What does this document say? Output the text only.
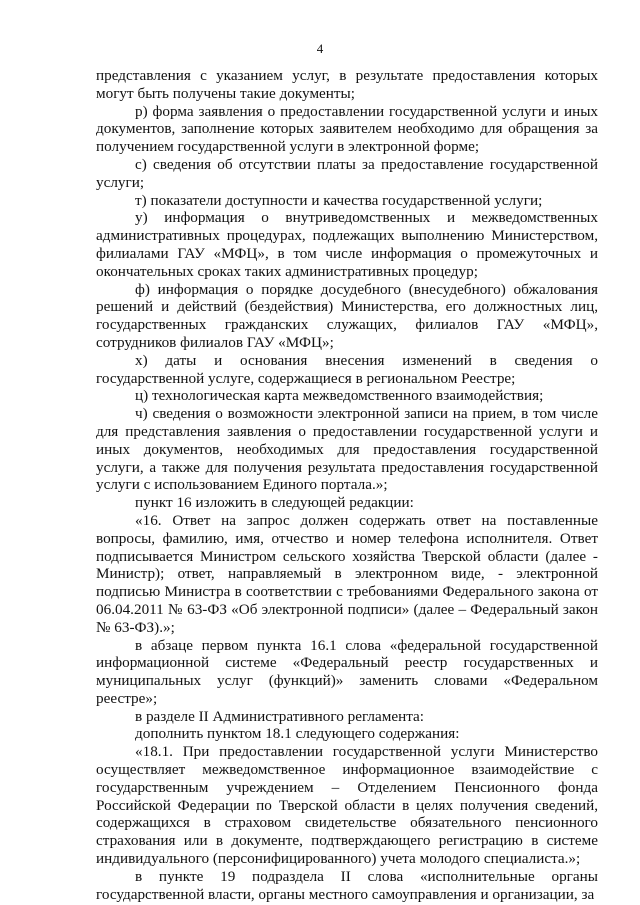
4

представления с указанием услуг, в результате предоставления которых могут быть получены такие документы;

р) форма заявления о предоставлении государственной услуги и иных документов, заполнение которых заявителем необходимо для обращения за получением государственной услуги в электронной форме;

с) сведения об отсутствии платы за предоставление государственной услуги;

т) показатели доступности и качества государственной услуги;

у) информация о внутриведомственных и межведомственных административных процедурах, подлежащих выполнению Министерством, филиалами ГАУ «МФЦ», в том числе информация о промежуточных и окончательных сроках таких административных процедур;

ф) информация о порядке досудебного (внесудебного) обжалования решений и действий (бездействия) Министерства, его должностных лиц, государственных гражданских служащих, филиалов ГАУ «МФЦ», сотрудников филиалов ГАУ «МФЦ»;

х) даты и основания внесения изменений в сведения о государственной услуге, содержащиеся в региональном Реестре;

ц) технологическая карта межведомственного взаимодействия;

ч) сведения о возможности электронной записи на прием, в том числе для представления заявления о предоставлении государственной услуги и иных документов, необходимых для предоставления государственной услуги, а также для получения результата предоставления государственной услуги с использованием Единого портала.»;

пункт 16 изложить в следующей редакции:

«16. Ответ на запрос должен содержать ответ на поставленные вопросы, фамилию, имя, отчество и номер телефона исполнителя. Ответ подписывается Министром сельского хозяйства Тверской области (далее - Министр); ответ, направляемый в электронном виде, - электронной подписью Министра в соответствии с требованиями Федерального закона от 06.04.2011 № 63-ФЗ «Об электронной подписи» (далее – Федеральный закон № 63-ФЗ).»;

в абзаце первом пункта 16.1 слова «федеральной государственной информационной системе «Федеральный реестр государственных и муниципальных услуг (функций)» заменить словами «Федеральном реестре»;

в разделе II Административного регламента:

дополнить пунктом 18.1 следующего содержания:

«18.1. При предоставлении государственной услуги Министерство осуществляет межведомственное информационное взаимодействие с государственным учреждением – Отделением Пенсионного фонда Российской Федерации по Тверской области в целях получения сведений, содержащихся в страховом свидетельстве обязательного пенсионного страхования или в документе, подтверждающего регистрацию в системе индивидуального (персонифицированного) учета молодого специалиста.»;

в пункте 19 подраздела II слова «исполнительные органы государственной власти, органы местного самоуправления и организации, за
